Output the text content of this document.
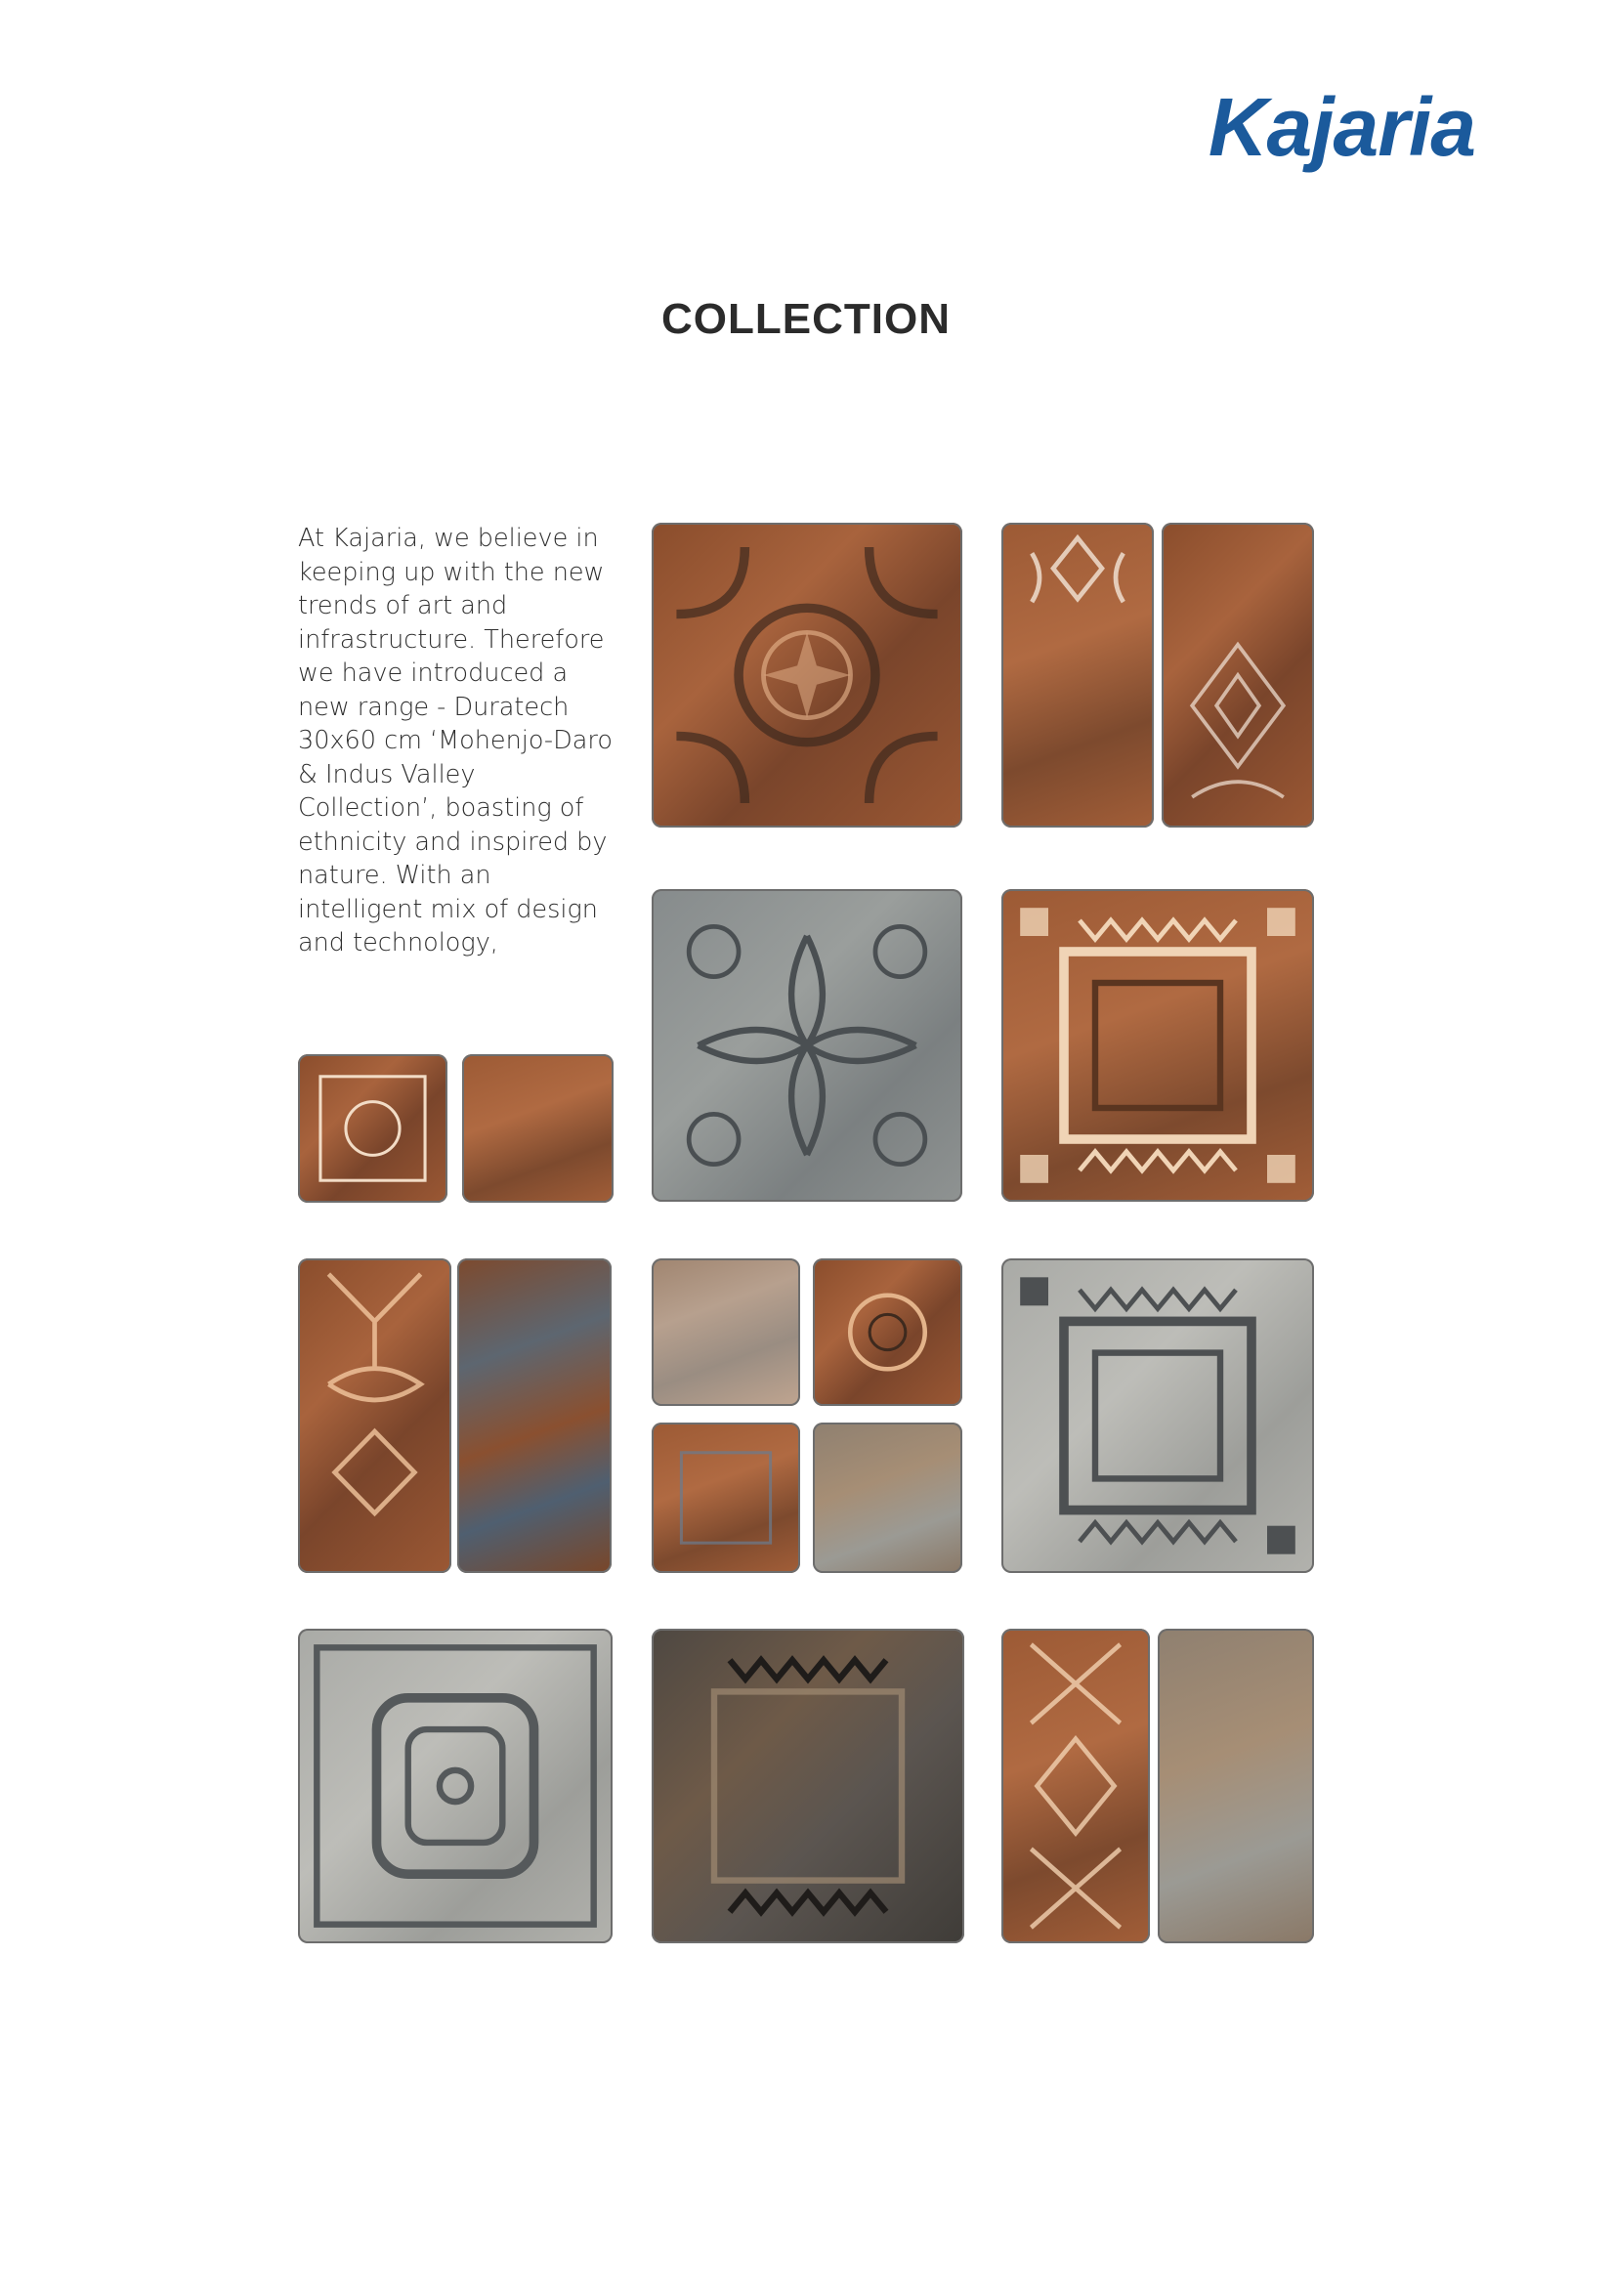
Kajaria
COLLECTION

At Kajaria, we believe in keeping up with the new trends of art and infrastructure. Therefore we have introduced a new range - Duratech 30x60 cm ‘Mohenjo-Daro & Indus Valley Collection’, boasting of ethnicity and inspired by nature. With an intelligent mix of design and technology,
